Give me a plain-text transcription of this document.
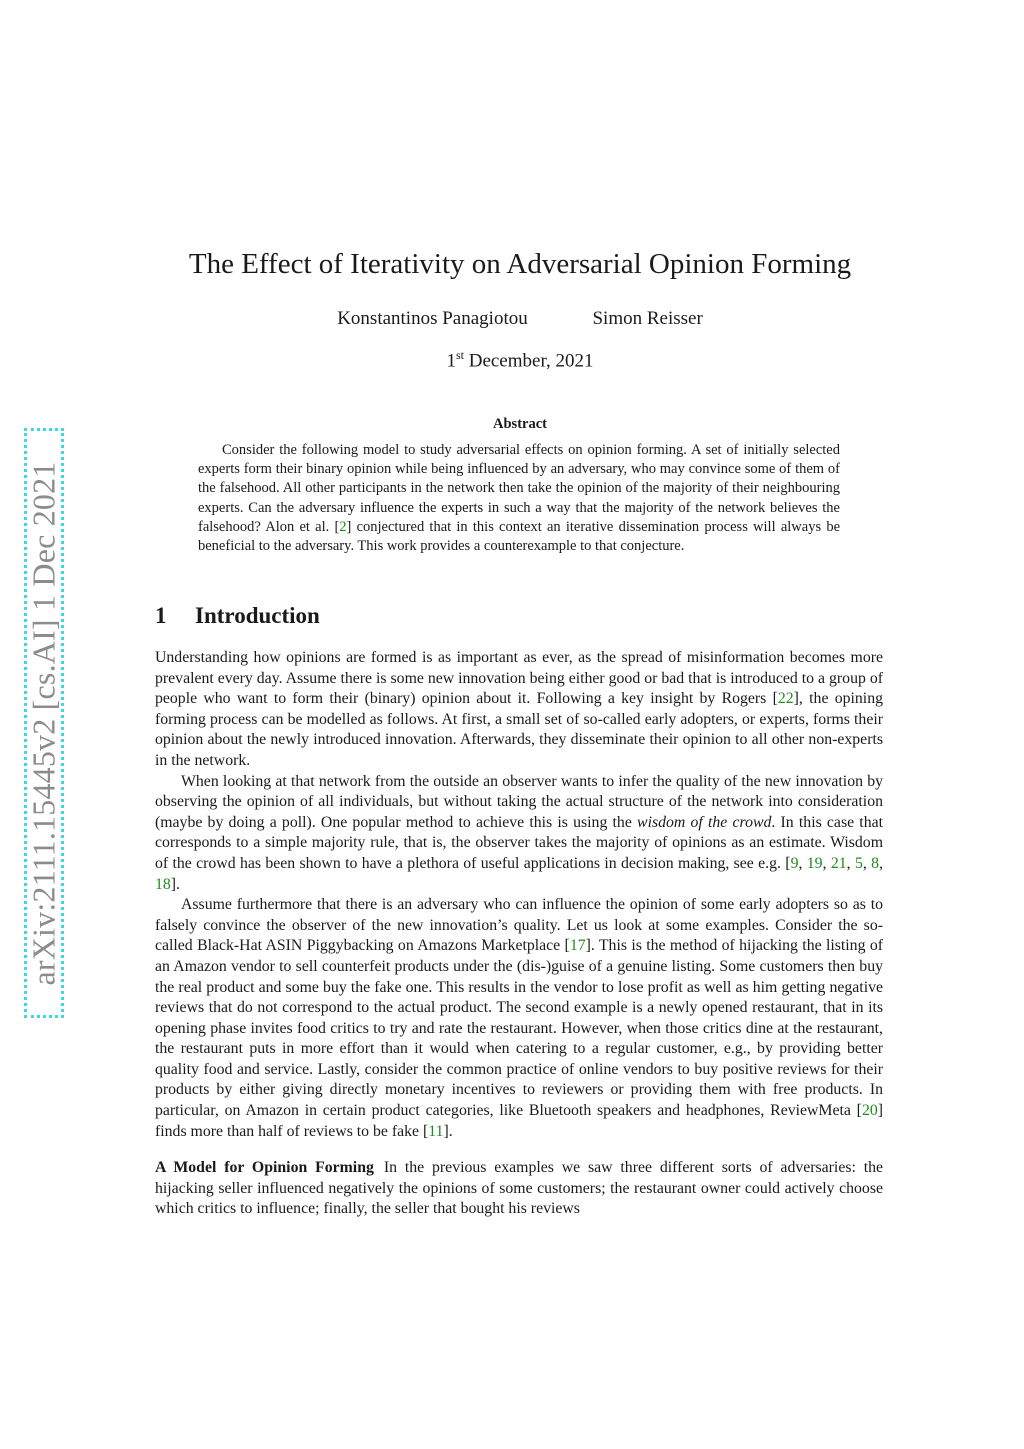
arXiv:2111.15445v2 [cs.AI] 1 Dec 2021
The Effect of Iterativity on Adversarial Opinion Forming
Konstantinos Panagiotou	Simon Reisser
1st December, 2021
Abstract

Consider the following model to study adversarial effects on opinion forming. A set of initially selected experts form their binary opinion while being influenced by an adversary, who may convince some of them of the falsehood. All other participants in the network then take the opinion of the majority of their neighbouring experts. Can the adversary influence the experts in such a way that the majority of the network believes the falsehood? Alon et al. [2] conjectured that in this context an iterative dissemination process will always be beneficial to the adversary. This work provides a counterexample to that conjecture.

1 Introduction

Understanding how opinions are formed is as important as ever, as the spread of misinformation becomes more prevalent every day. Assume there is some new innovation being either good or bad that is introduced to a group of people who want to form their (binary) opinion about it. Following a key insight by Rogers [22], the opining forming process can be modelled as follows. At first, a small set of so-called early adopters, or experts, forms their opinion about the newly introduced innovation. Afterwards, they disseminate their opinion to all other non-experts in the network.

When looking at that network from the outside an observer wants to infer the quality of the new innovation by observing the opinion of all individuals, but without taking the actual structure of the network into consideration (maybe by doing a poll). One popular method to achieve this is using the wisdom of the crowd. In this case that corresponds to a simple majority rule, that is, the observer takes the majority of opinions as an estimate. Wisdom of the crowd has been shown to have a plethora of useful applications in decision making, see e.g. [9, 19, 21, 5, 8, 18].

Assume furthermore that there is an adversary who can influence the opinion of some early adopters so as to falsely convince the observer of the new innovation’s quality. Let us look at some examples. Consider the so-called Black-Hat ASIN Piggybacking on Amazons Marketplace [17]. This is the method of hijacking the listing of an Amazon vendor to sell counterfeit products under the (dis-)guise of a genuine listing. Some customers then buy the real product and some buy the fake one. This results in the vendor to lose profit as well as him getting negative reviews that do not correspond to the actual product. The second example is a newly opened restaurant, that in its opening phase invites food critics to try and rate the restaurant. However, when those critics dine at the restaurant, the restaurant puts in more effort than it would when catering to a regular customer, e.g., by providing better quality food and service. Lastly, consider the common practice of online vendors to buy positive reviews for their products by either giving directly monetary incentives to reviewers or providing them with free products. In particular, on Amazon in certain product categories, like Bluetooth speakers and headphones, ReviewMeta [20] finds more than half of reviews to be fake [11].

A Model for Opinion Forming In the previous examples we saw three different sorts of adversaries: the hijacking seller influenced negatively the opinions of some customers; the restaurant owner could actively choose which critics to influence; finally, the seller that bought his reviews
